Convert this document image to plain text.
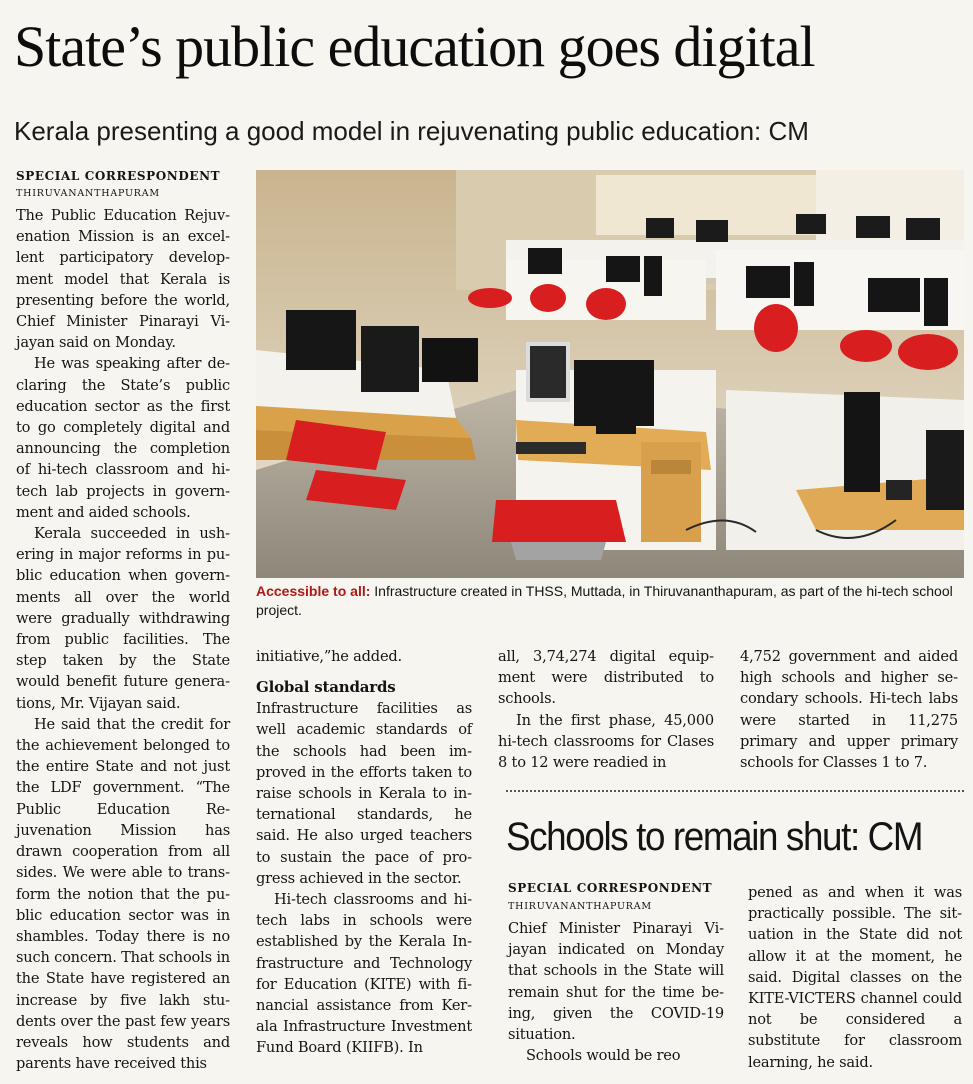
State’s public education goes digital
Kerala presenting a good model in rejuvenating public education: CM
SPECIAL CORRESPONDENT
THIRUVANANTHAPURAM

The Public Education Rejuvenation Mission is an excellent participatory development model that Kerala is presenting before the world, Chief Minister Pinarayi Vijayan said on Monday.

He was speaking after declaring the State’s public education sector as the first to go completely digital and announcing the completion of hi-tech classroom and hi-tech lab projects in government and aided schools.

Kerala succeeded in ushering in major reforms in public education when governments all over the world were gradually withdrawing from public facilities. The step taken by the State would benefit future generations, Mr. Vijayan said.

He said that the credit for the achievement belonged to the entire State and not just the LDF government. “The Public Education Rejuvenation Mission has drawn cooperation from all sides. We were able to transform the notion that the public education sector was in shambles. Today there is no such concern. That schools in the State have registered an increase by five lakh students over the past few years reveals how students and parents have received this

Accessible to all: Infrastructure created in THSS, Muttada, in Thiruvananthapuram, as part of the hi-tech school project.

initiative,”he added.

Global standards

Infrastructure facilities as well academic standards of the schools had been improved in the efforts taken to raise schools in Kerala to international standards, he said. He also urged teachers to sustain the pace of progress achieved in the sector.

Hi-tech classrooms and hi-tech labs in schools were established by the Kerala Infrastructure and Technology for Education (KITE) with financial assistance from Kerala Infrastructure Investment Fund Board (KIIFB). In

all, 3,74,274 digital equipment were distributed to schools.

In the first phase, 45,000 hi-tech classrooms for Clases 8 to 12 were readied in

4,752 government and aided high schools and higher secondary schools. Hi-tech labs were started in 11,275 primary and upper primary schools for Classes 1 to 7.

Schools to remain shut: CM
SPECIAL CORRESPONDENT
THIRUVANANTHAPURAM

Chief Minister Pinarayi Vijayan indicated on Monday that schools in the State will remain shut for the time being, given the COVID-19 situation.

Schools would be reo

pened as and when it was practically possible. The situation in the State did not allow it at the moment, he said. Digital classes on the KITE-VICTERS channel could not be considered a substitute for classroom learning, he said.
